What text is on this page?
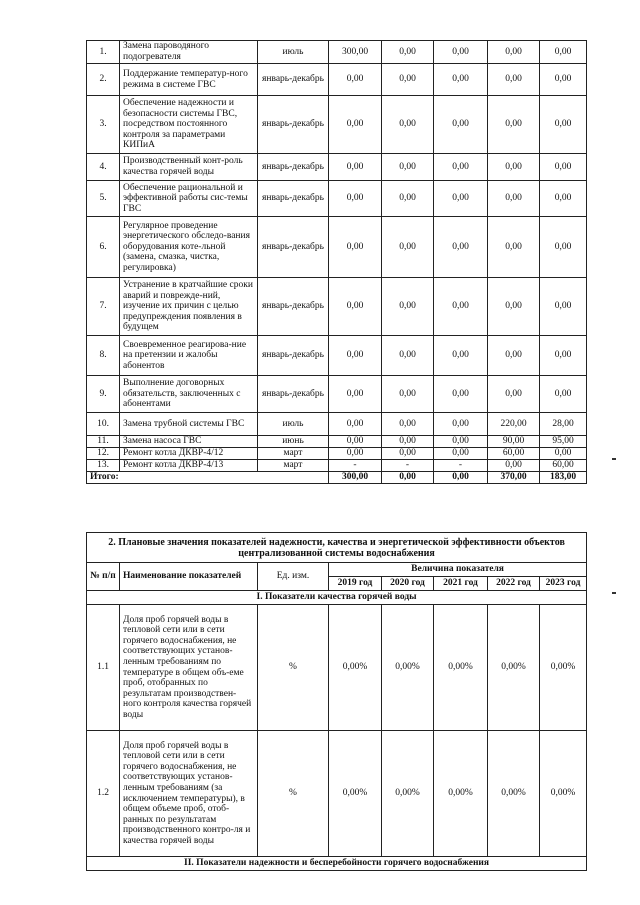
1.	Замена пароводяного подогревателя	июль	300,00	0,00	0,00	0,00	0,00
2.	Поддержание температур-ного режима в системе ГВС	январь-декабрь	0,00	0,00	0,00	0,00	0,00
3.	Обеспечение надежности и безопасности системы ГВС, посредством постоянного контроля за параметрами КИПиА	январь-декабрь	0,00	0,00	0,00	0,00	0,00
4.	Производственный конт-роль качества горячей воды	январь-декабрь	0,00	0,00	0,00	0,00	0,00
5.	Обеспечение рациональной и эффективной работы сис-темы ГВС	январь-декабрь	0,00	0,00	0,00	0,00	0,00
6.	Регулярное проведение энергетического обследо-вания оборудования коте-льной (замена, смазка, чистка, регулировка)	январь-декабрь	0,00	0,00	0,00	0,00	0,00
7.	Устранение в кратчайшие сроки аварий и поврежде-ний, изучение их причин с целью предупреждения появления в будущем	январь-декабрь	0,00	0,00	0,00	0,00	0,00
8.	Своевременное реагирова-ние на претензии и жалобы абонентов	январь-декабрь	0,00	0,00	0,00	0,00	0,00
9.	Выполнение договорных обязательств, заключенных с абонентами	январь-декабрь	0,00	0,00	0,00	0,00	0,00
10.	Замена трубной системы ГВС	июль	0,00	0,00	0,00	220,00	28,00
11.	Замена насоса ГВС	июнь	0,00	0,00	0,00	90,00	95,00
12.	Ремонт котла ДКВР-4/12	март	0,00	0,00	0,00	60,00	0,00
13.	Ремонт котла ДКВР-4/13	март	-	-	-	0,00	60,00
Итого:			300,00	0,00	0,00	370,00	183,00
2. Плановые значения показателей надежности, качества и энергетической эффективности объектов централизованной системы водоснабжения							
№ п/п	Наименование показателей	Ед. изм.	Величина показателя				
			2019 год	2020 год	2021 год	2022 год	2023 год
I. Показатели качества горячей воды							
1.1	Доля проб горячей воды в тепловой сети или в сети горячего водоснабжения, не соответствующих установ-ленным требованиям по температуре в общем объ-еме проб, отобранных по результатам производствен-ного контроля качества горячей воды	%	0,00%	0,00%	0,00%	0,00%	0,00%
1.2	Доля проб горячей воды в тепловой сети или в сети горячего водоснабжения, не соответствующих установ-ленным требованиям (за исключением температуры), в общем объеме проб, отоб-ранных по результатам производственного контро-ля и качества горячей воды	%	0,00%	0,00%	0,00%	0,00%	0,00%
II. Показатели надежности и бесперебойности горячего водоснабжения							
